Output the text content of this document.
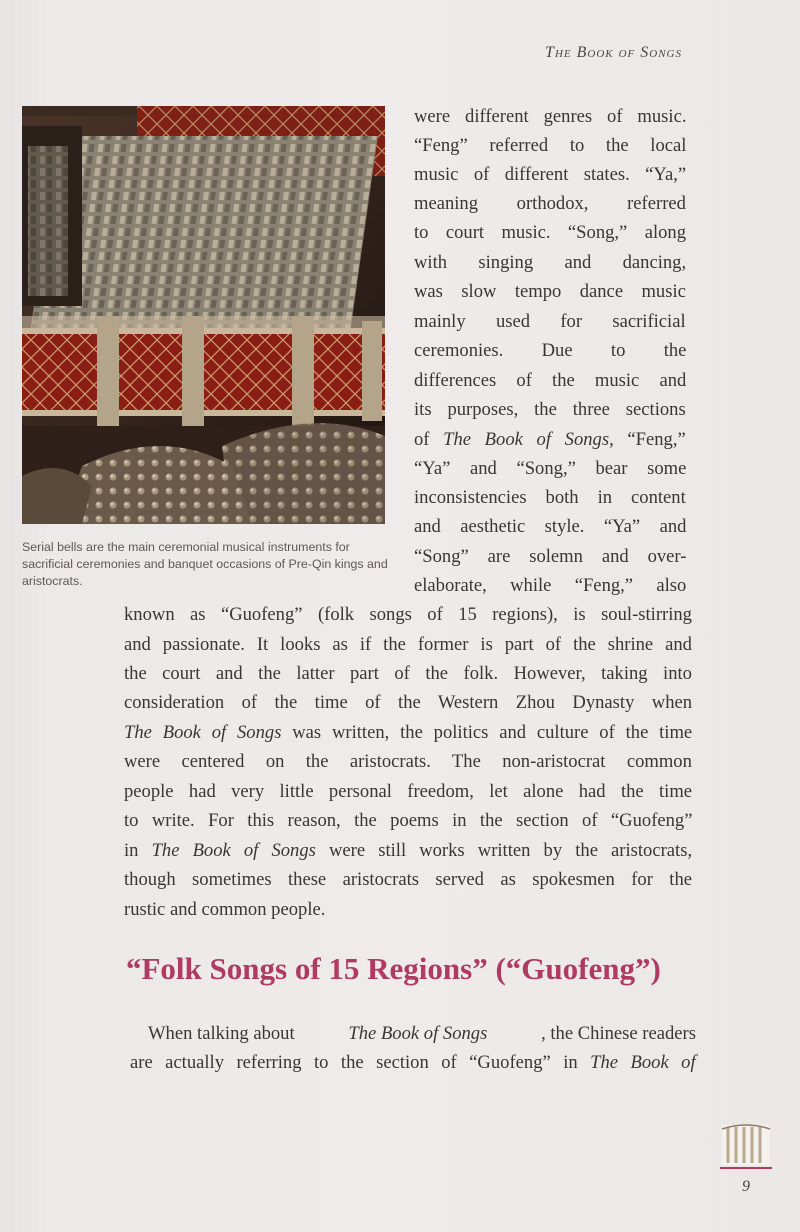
The Book of Songs
Serial bells are the main ceremonial musical instruments for sacrificial ceremonies and banquet occasions of Pre-Qin kings and aristocrats.
were different genres of music.
“Feng” referred to the local
music of different states. “Ya,”
meaning orthodox, referred
to court music. “Song,” along
with singing and dancing,
was slow tempo dance music
mainly used for sacrificial
ceremonies. Due to the
differences of the music and
its purposes, the three sections
of The Book of Songs, “Feng,”
“Ya” and “Song,” bear some
inconsistencies both in content
and aesthetic style. “Ya” and
“Song” are solemn and over-
elaborate, while “Feng,” also
known as “Guofeng” (folk songs of 15 regions), is soul-stirring
and passionate. It looks as if the former is part of the shrine and
the court and the latter part of the folk. However, taking into
consideration of the time of the Western Zhou Dynasty when
The Book of Songs was written, the politics and culture of the time
were centered on the aristocrats. The non-aristocrat common
people had very little personal freedom, let alone had the time
to write. For this reason, the poems in the section of “Guofeng”
in The Book of Songs were still works written by the aristocrats,
though sometimes these aristocrats served as spokesmen for the
rustic and common people.
“Folk Songs of 15 Regions” (“Guofeng”)
When talking about	The Book of Songs	, the Chinese readers
are actually referring to the section of “Guofeng” in The Book of
9
